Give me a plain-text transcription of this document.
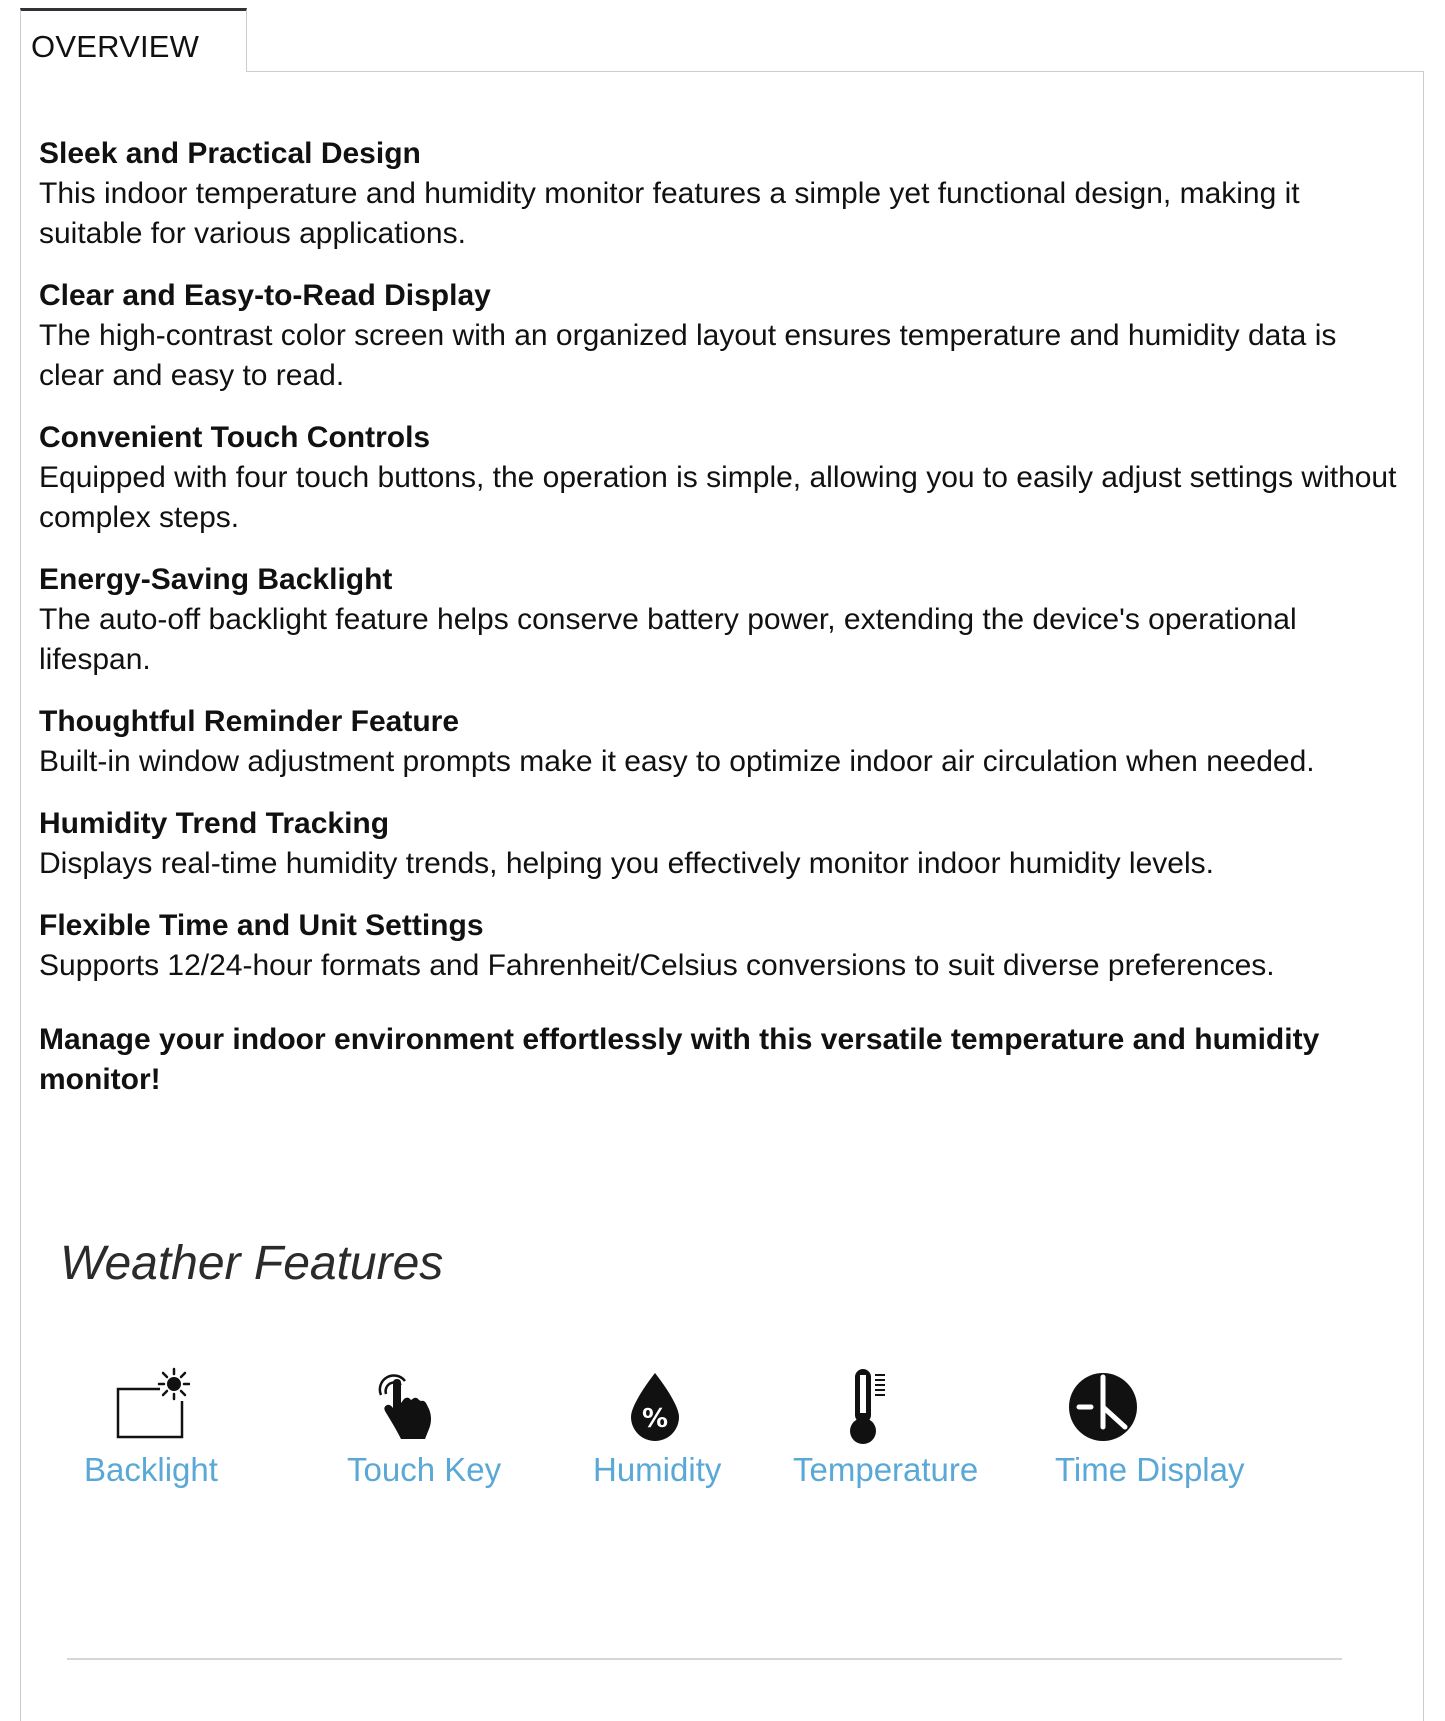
OVERVIEW

Sleek and Practical Design

This indoor temperature and humidity monitor features a simple yet functional design, making it suitable for various applications.

Clear and Easy-to-Read Display

The high-contrast color screen with an organized layout ensures temperature and humidity data is clear and easy to read.

Convenient Touch Controls

Equipped with four touch buttons, the operation is simple, allowing you to easily adjust settings without complex steps.

Energy-Saving Backlight

The auto-off backlight feature helps conserve battery power, extending the device's operational lifespan.

Thoughtful Reminder Feature

Built-in window adjustment prompts make it easy to optimize indoor air circulation when needed.

Humidity Trend Tracking

Displays real-time humidity trends, helping you effectively monitor indoor humidity levels.

Flexible Time and Unit Settings

Supports 12/24-hour formats and Fahrenheit/Celsius conversions to suit diverse preferences.

Manage your indoor environment effortlessly with this versatile temperature and humidity monitor!

Weather Features
Backlight	Touch Key
%
Humidity Temperature Time Display
